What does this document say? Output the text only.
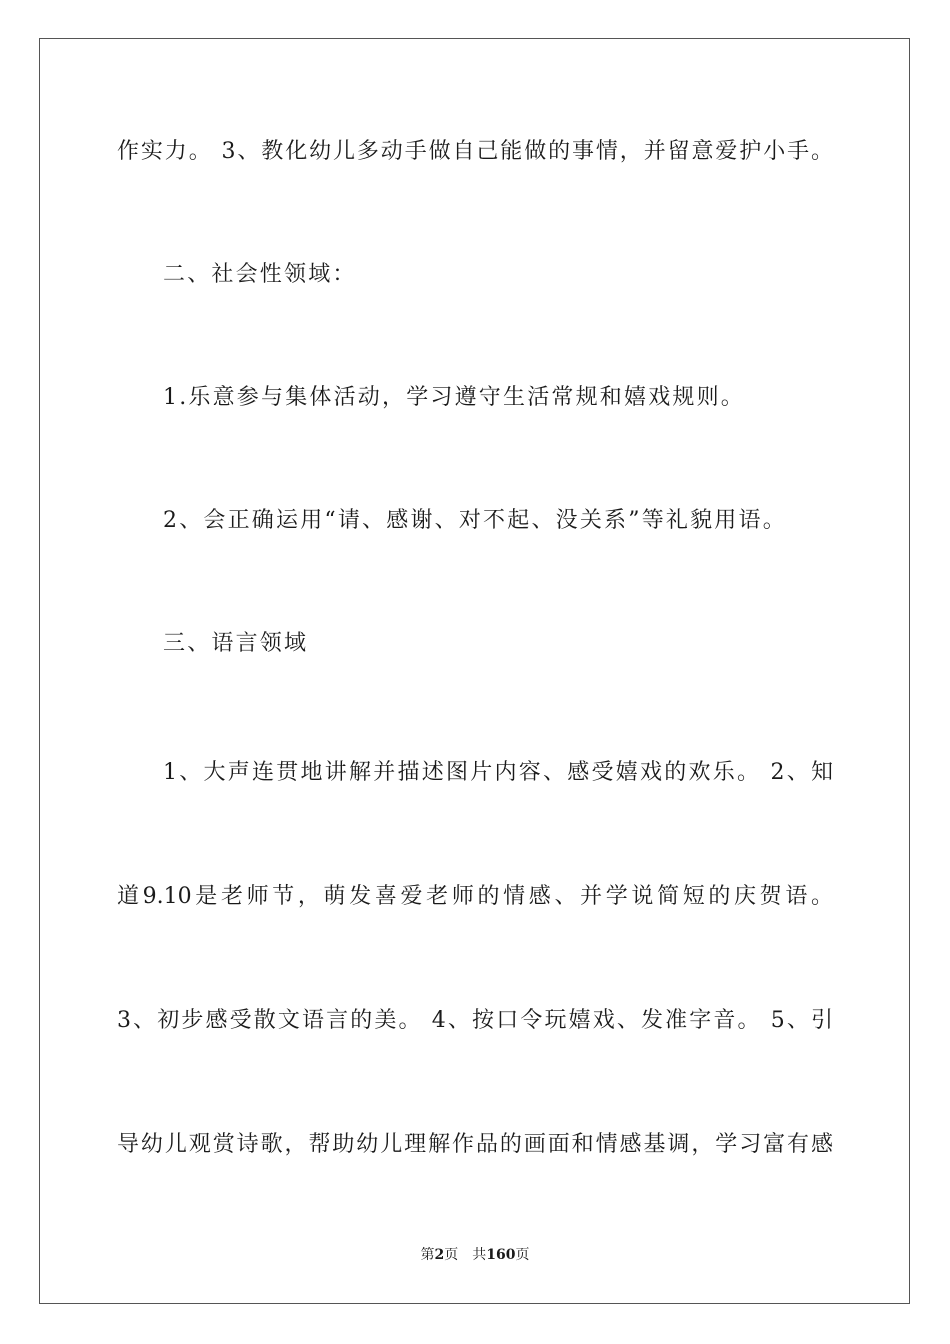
作实力。 3、教化幼儿多动手做自己能做的事情，并留意爱护小手。
二、社会性领域：
1.乐意参与集体活动，学习遵守生活常规和嬉戏规则。
2、会正确运用“请、感谢、对不起、没关系”等礼貌用语。
三、语言领域
1、大声连贯地讲解并描述图片内容、感受嬉戏的欢乐。 2、知
道9.10是老师节，萌发喜爱老师的情感、并学说简短的庆贺语。
3、初步感受散文语言的美。 4、按口令玩嬉戏、发准字音。 5、引
导幼儿观赏诗歌，帮助幼儿理解作品的画面和情感基调，学习富有感
第2页 共160页
